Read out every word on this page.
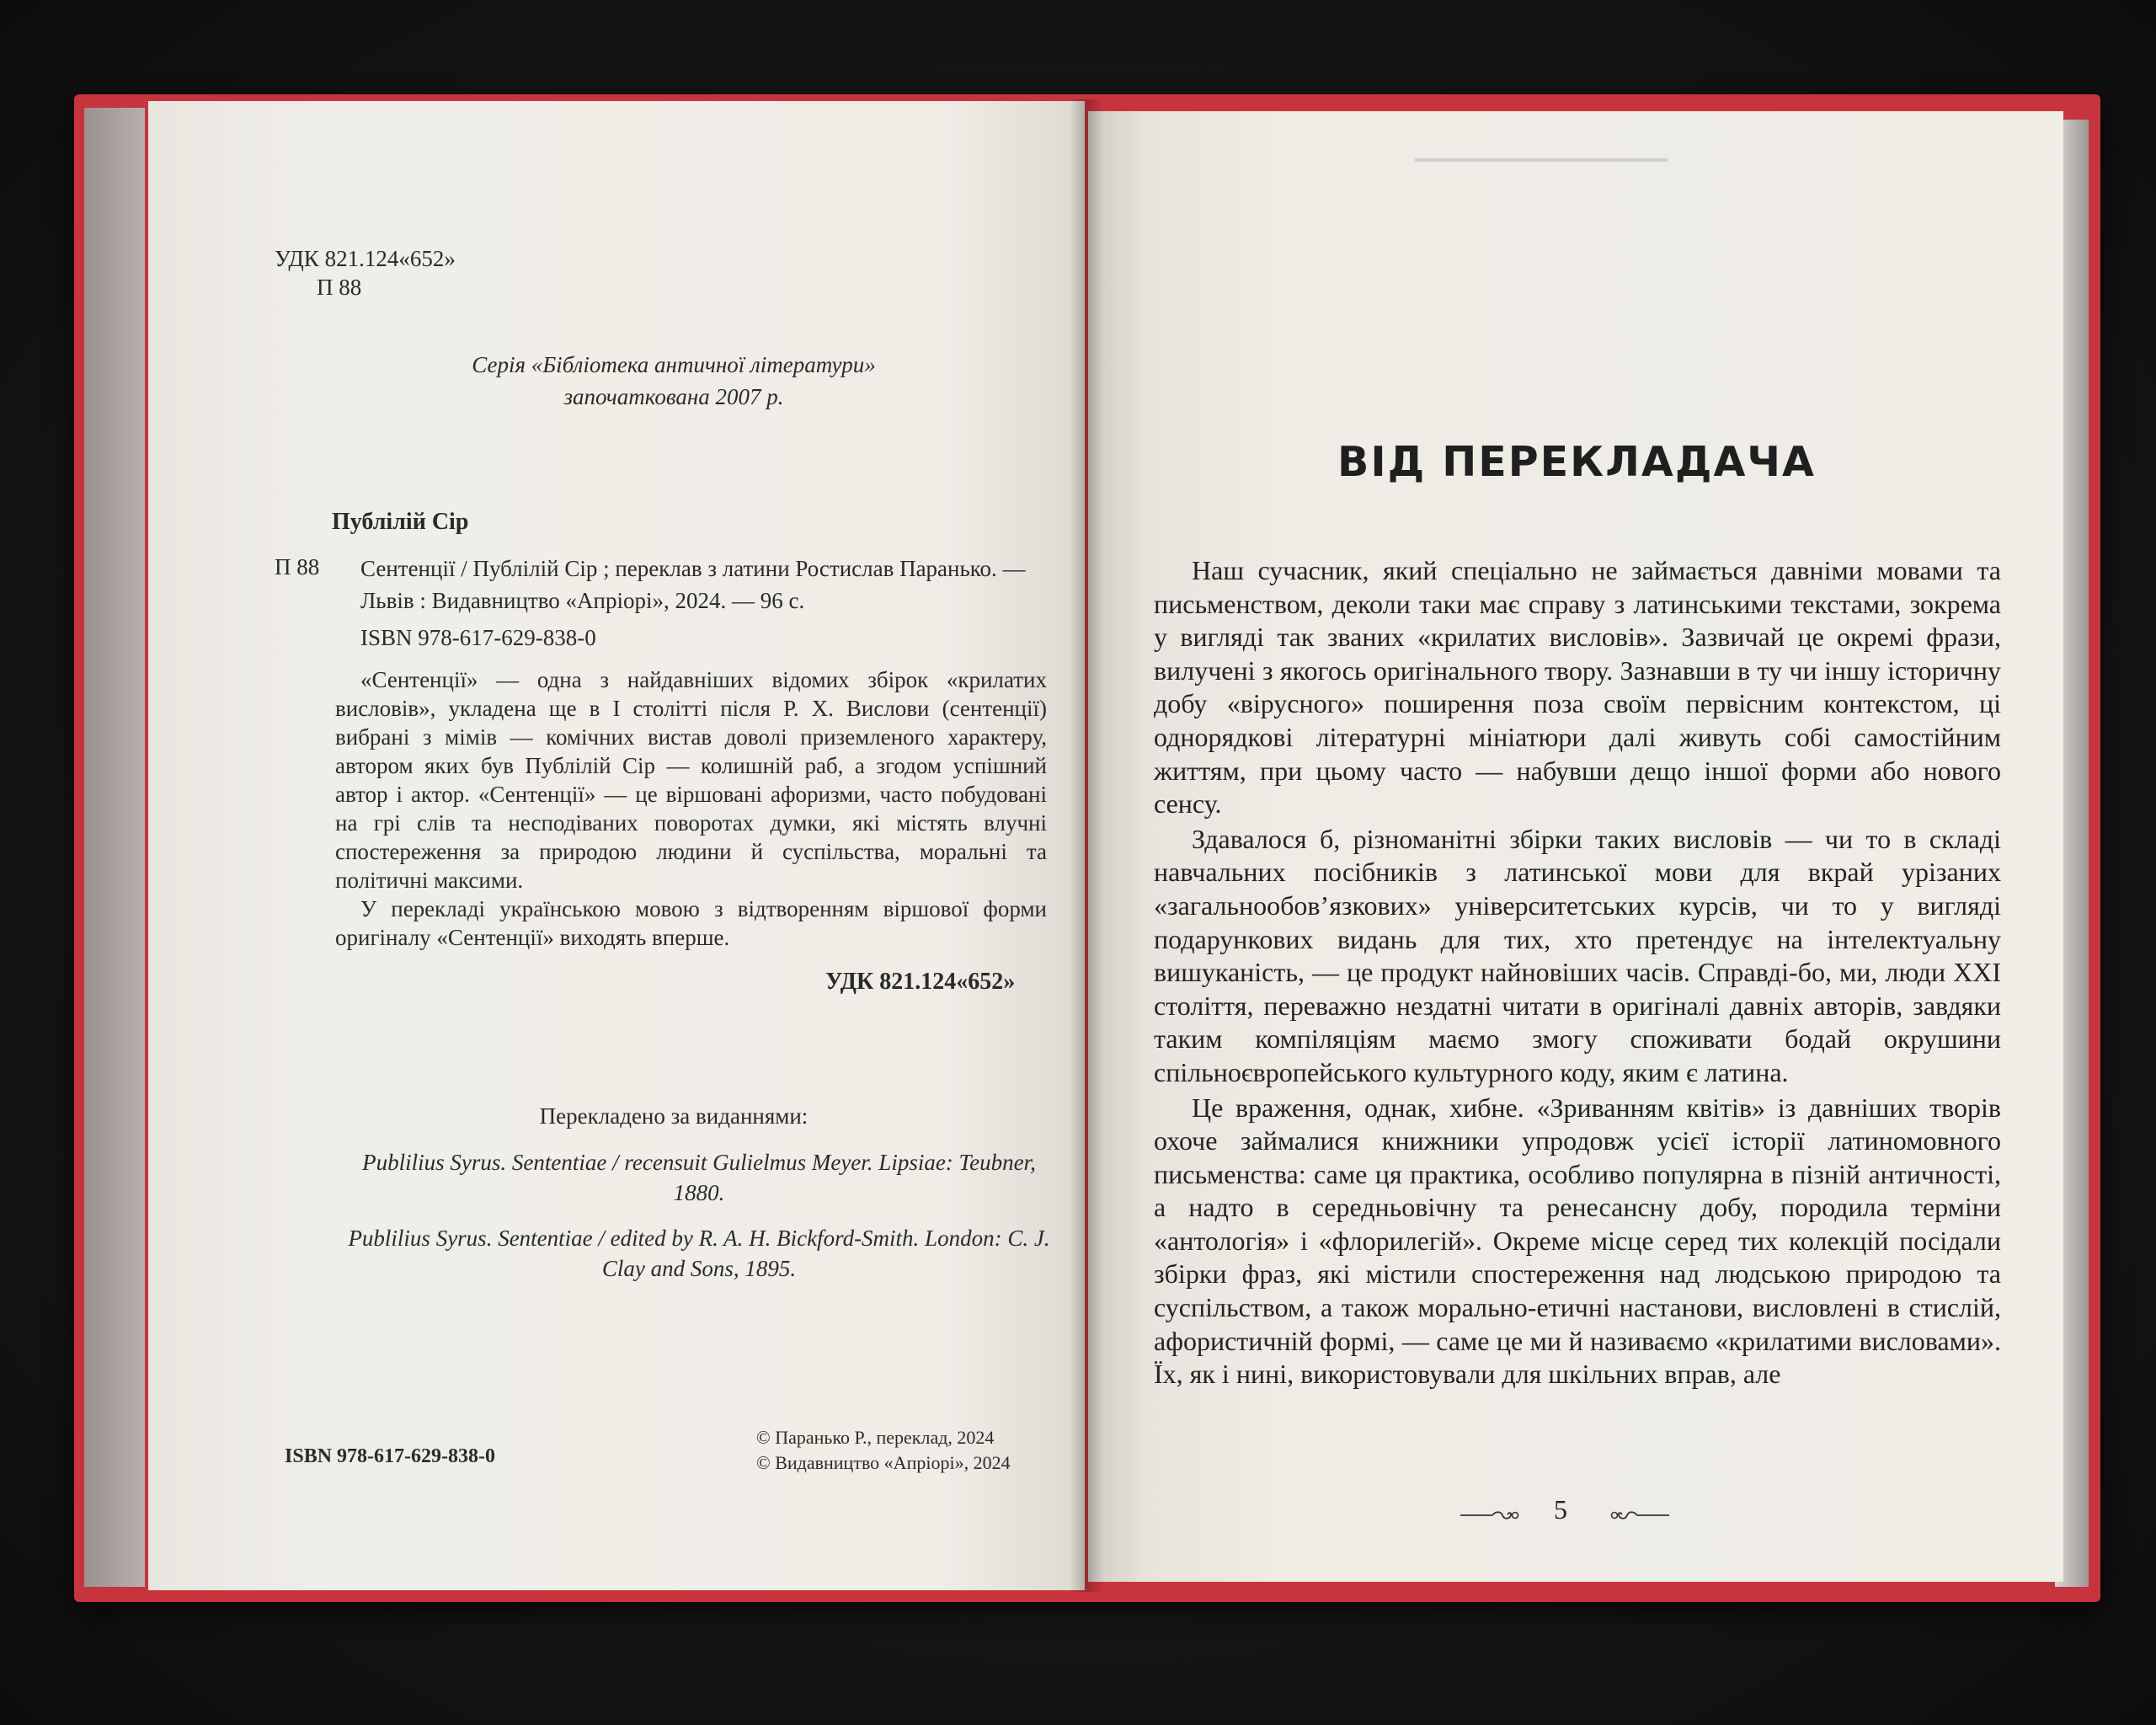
УДК 821.124«652»
П 88
Серія «Бібліотека античної літератури»
започаткована 2007 р.
Публілій Сір
П 88 Сентенції / Публілій Сір ; переклав з латини Ростислав Паранько. — Львів : Видавництво «Апріорі», 2024. — 96 с.
ISBN 978-617-629-838-0

«Сентенції» — одна з найдавніших відомих збірок «крилатих висловів», укладена ще в І столітті після Р. Х. Вислови (сентенції) вибрані з мімів — комічних вистав доволі приземленого характеру, автором яких був Публілій Сір — колишній раб, а згодом успішний автор і актор. «Сентенції» — це віршовані афоризми, часто побудовані на грі слів та несподіваних поворотах думки, які містять влучні спостереження за природою людини й суспільства, моральні та політичні максими.

У перекладі українською мовою з відтворенням віршової форми оригіналу «Сентенції» виходять вперше.

УДК 821.124«652»
Перекладено за виданнями:
Publilius Syrus. Sententiae / recensuit Gulielmus Meyer. Lipsiae: Teubner, 1880.
Publilius Syrus. Sententiae / edited by R. A. H. Bickford-Smith. London: C. J. Clay and Sons, 1895.
ISBN 978-617-629-838-0
© Паранько Р., переклад, 2024
© Видавництво «Апріорі», 2024
ВІД ПЕРЕКЛАДАЧА

Наш сучасник, який спеціально не займається давніми мовами та письменством, деколи таки має справу з латинськими текстами, зокрема у вигляді так званих «крилатих висловів». Зазвичай це окремі фрази, вилучені з якогось оригінального твору. Зазнавши в ту чи іншу історичну добу «вірусного» поширення поза своїм первісним контекстом, ці однорядкові літературні мініатюри далі живуть собі самостійним життям, при цьому часто — набувши дещо іншої форми або нового сенсу.

Здавалося б, різноманітні збірки таких висловів — чи то в складі навчальних посібників з латинської мови для вкрай урізаних «загальнообов’язкових» університетських курсів, чи то у вигляді подарункових видань для тих, хто претендує на інтелектуальну вишуканість, — це продукт найновіших часів. Справді-бо, ми, люди XXI століття, переважно нездатні читати в оригіналі давніх авторів, завдяки таким компіляціям маємо змогу споживати бодай окрушини спільноєвропейського культурного коду, яким є латина.

Це враження, однак, хибне. «Зриванням квітів» із давніших творів охоче займалися книжники упродовж усієї історії латиномовного письменства: саме ця практика, особливо популярна в пізній античності, а надто в середньовічну та ренесансну добу, породила терміни «антологія» і «флорилегій». Окреме місце серед тих колекцій посідали збірки фраз, які містили спостереження над людською природою та суспільством, а також морально-етичні настанови, висловлені в стислій, афористичній формі, — саме це ми й називаємо «крилатими висловами». Їх, як і нині, використовували для шкільних вправ, але

5
